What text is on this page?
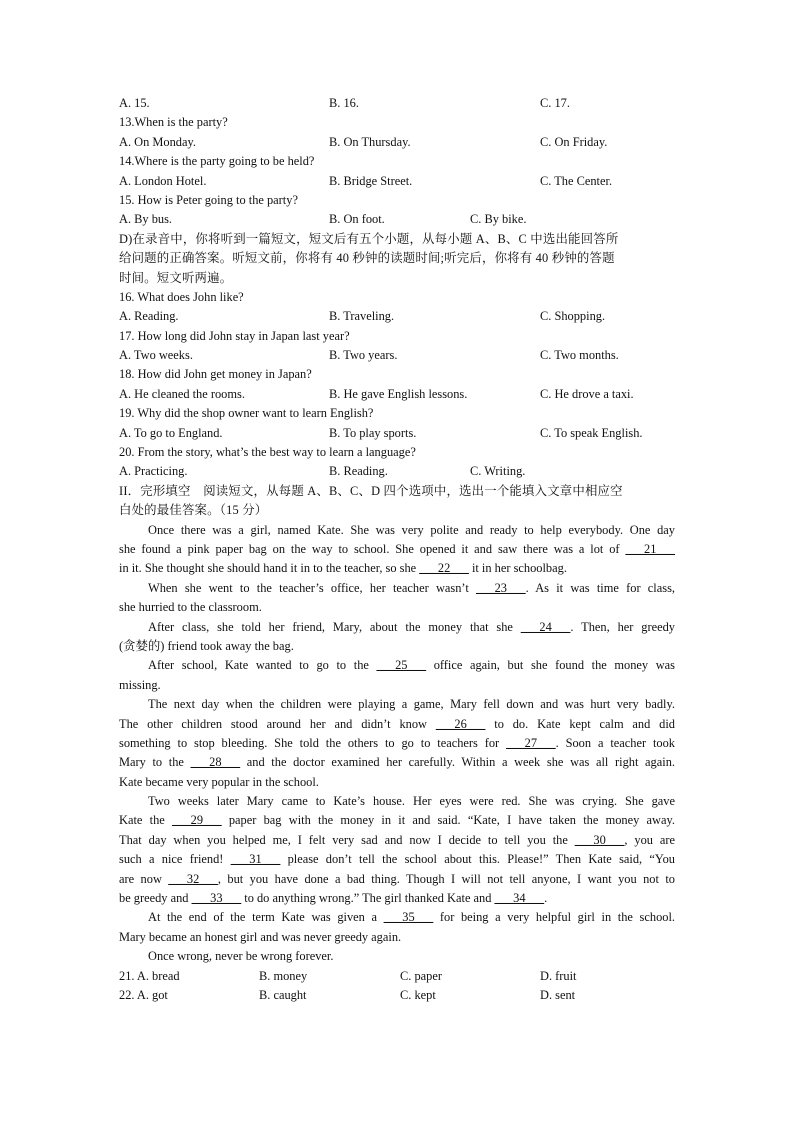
A. 15.	B. 16.	C. 17.
13.When is the party?
A. On Monday.	B. On Thursday.	C. On Friday.
14.Where is the party going to be held?
A. London Hotel.	B. Bridge Street.	C. The Center.
15. How is Peter going to the party?
A. By bus.	B. On foot.	C. By bike.
D)在录音中，你将听到一篇短文，短文后有五个小题，从每小题 A、B、C 中选出能回答所
给问题的正确答案。听短文前，你将有 40 秒钟的读题时间;听完后，你将有 40 秒钟的答题
时间。短文听两遍。
16. What does John like?
A. Reading.	B. Traveling.	C. Shopping.
17. How long did John stay in Japan last year?
A. Two weeks.	B. Two years.	C. Two months.
18. How did John get money in Japan?
A. He cleaned the rooms.	B. He gave English lessons.	C. He drove a taxi.
19. Why did the shop owner want to learn English?
A. To go to England.	B. To play sports.	C. To speak English.
20. From the story, what’s the best way to learn a language?
A. Practicing.	B. Reading.	C. Writing.
II．完形填空　阅读短文，从每题 A、B、C、D 四个选项中，选出一个能填入文章中相应空
白处的最佳答案。（15 分）
Once there was a girl, named Kate. She was very polite and ready to help everybody. One day
she found a pink paper bag on the way to school. She opened it and saw there was a lot of ___21___
in it. She thought she should hand it in to the teacher, so she ___22___ it in her schoolbag.
When she went to the teacher’s office, her teacher wasn’t ___23___. As it was time for class,
she hurried to the classroom.
After class, she told her friend, Mary, about the money that she ___24___. Then, her greedy
(贪婪的) friend took away the bag.
After school, Kate wanted to go to the ___25___ office again, but she found the money was
missing.
The next day when the children were playing a game, Mary fell down and was hurt very badly.
The other children stood around her and didn’t know ___26___ to do. Kate kept calm and did
something to stop bleeding. She told the others to go to teachers for ___27___. Soon a teacher took
Mary to the ___28___ and the doctor examined her carefully. Within a week she was all right again.
Kate became very popular in the school.
Two weeks later Mary came to Kate’s house. Her eyes were red. She was crying. She gave
Kate the ___29___ paper bag with the money in it and said. “Kate, I have taken the money away.
That day when you helped me, I felt very sad and now I decide to tell you the ___30___, you are
such a nice friend! ___31___ please don’t tell the school about this. Please!” Then Kate said, “You
are now ___32___, but you have done a bad thing. Though I will not tell anyone, I want you not to
be greedy and ___33___ to do anything wrong.” The girl thanked Kate and ___34___.
At the end of the term Kate was given a ___35___ for being a very helpful girl in the school.
Mary became an honest girl and was never greedy again.
Once wrong, never be wrong forever.
21. A. bread	B. money	C. paper	D. fruit
22. A. got	B. caught	C. kept	D. sent
